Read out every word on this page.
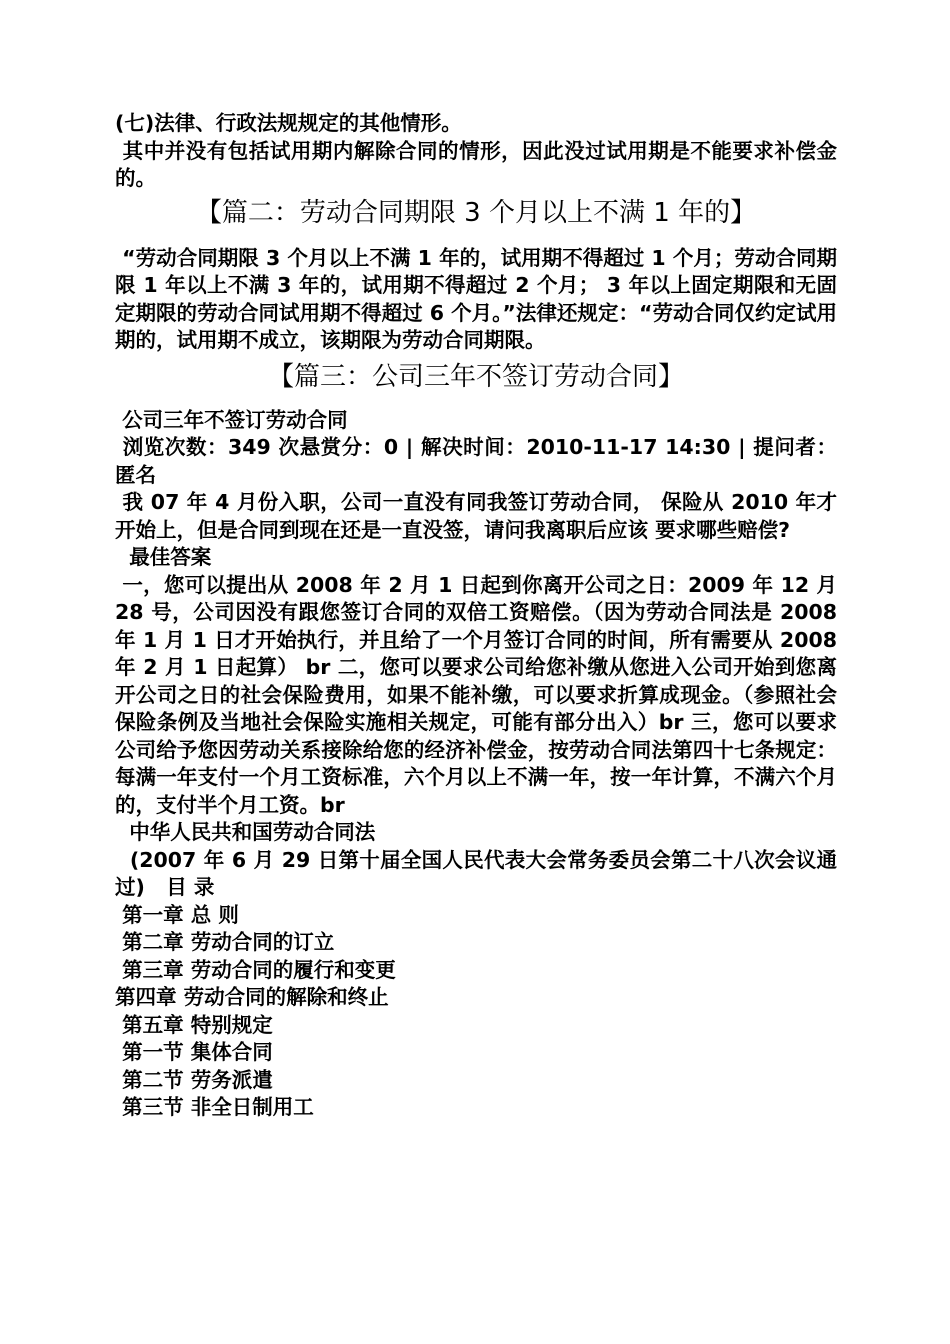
(七)法律、行政法规规定的其他情形。

其中并没有包括试用期内解除合同的情形，因此没过试用期是不能要求补偿金的。

【篇二：劳动合同期限 3 个月以上不满 1 年的】

“劳动合同期限 3 个月以上不满 1 年的，试用期不得超过 1 个月；劳动合同期限 1 年以上不满 3 年的，试用期不得超过 2 个月； 3 年以上固定期限和无固定期限的劳动合同试用期不得超过 6 个月。”法律还规定：“劳动合同仅约定试用期的，试用期不成立，该期限为劳动合同期限。

【篇三：公司三年不签订劳动合同】

公司三年不签订劳动合同

浏览次数：349 次悬赏分：0 | 解决时间：2010-11-17 14:30 | 提问者：匿名

我 07 年 4 月份入职，公司一直没有同我签订劳动合同， 保险从 2010 年才开始上，但是合同到现在还是一直没签，请问我离职后应该 要求哪些赔偿?

最佳答案

一，您可以提出从 2008 年 2 月 1 日起到你离开公司之日：2009 年 12 月 28 号，公司因没有跟您签订合同的双倍工资赔偿。（因为劳动合同法是 2008 年 1 月 1 日才开始执行，并且给了一个月签订合同的时间，所有需要从 2008 年 2 月 1 日起算） br 二，您可以要求公司给您补缴从您进入公司开始到您离开公司之日的社会保险费用，如果不能补缴，可以要求折算成现金。（参照社会保险条例及当地社会保险实施相关规定，可能有部分出入）br 三，您可以要求公司给予您因劳动关系接除给您的经济补偿金，按劳动合同法第四十七条规定：每满一年支付一个月工资标准，六个月以上不满一年，按一年计算，不满六个月的，支付半个月工资。br

中华人民共和国劳动合同法

(2007 年 6 月 29 日第十届全国人民代表大会常务委员会第二十八次会议通过)   目 录

第一章 总 则

第二章 劳动合同的订立

第三章 劳动合同的履行和变更

第四章 劳动合同的解除和终止

第五章 特别规定

第一节 集体合同

第二节 劳务派遣

第三节 非全日制用工
